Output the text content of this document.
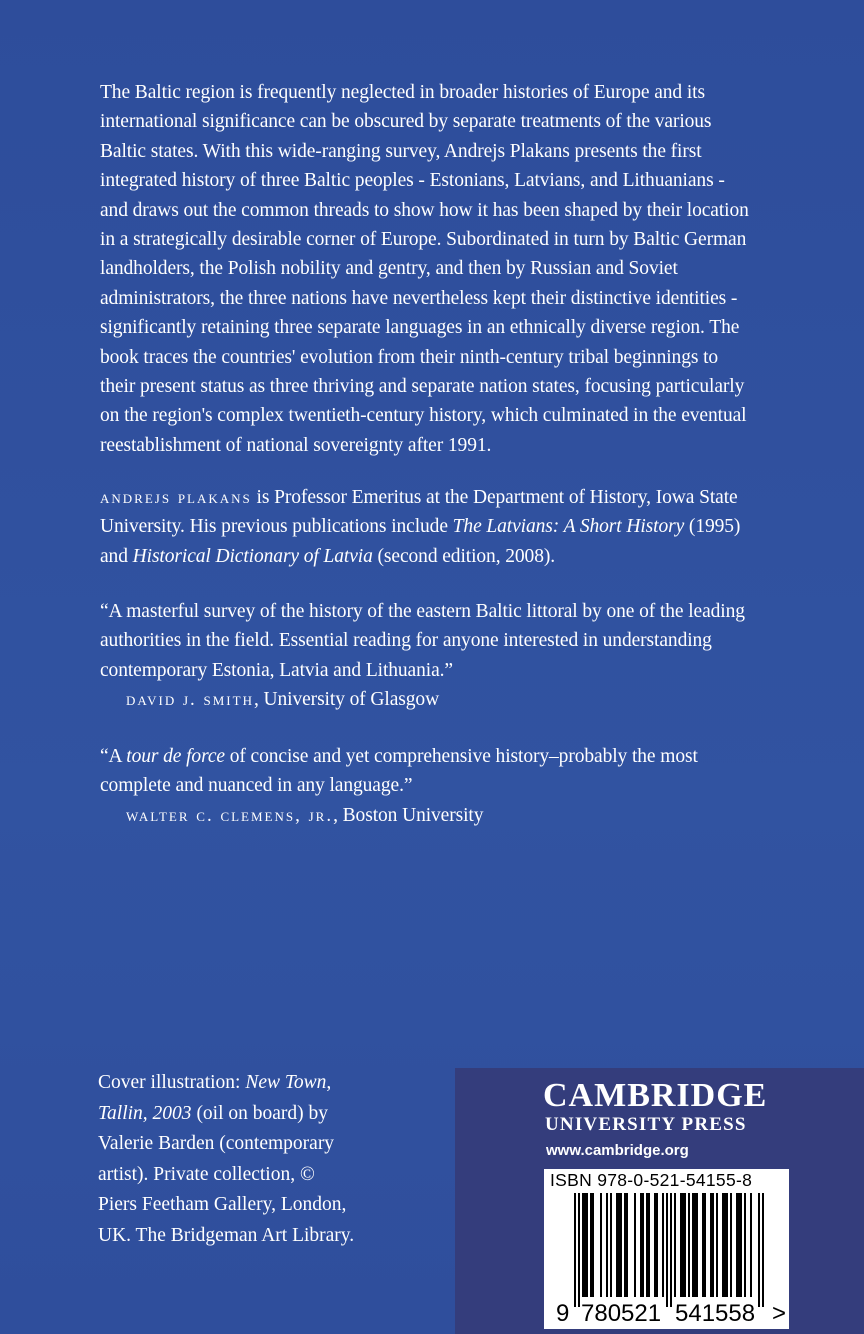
The Baltic region is frequently neglected in broader histories of Europe and its international significance can be obscured by separate treatments of the various Baltic states. With this wide-ranging survey, Andrejs Plakans presents the first integrated history of three Baltic peoples - Estonians, Latvians, and Lithuanians - and draws out the common threads to show how it has been shaped by their location in a strategically desirable corner of Europe. Subordinated in turn by Baltic German landholders, the Polish nobility and gentry, and then by Russian and Soviet administrators, the three nations have nevertheless kept their distinctive identities - significantly retaining three separate languages in an ethnically diverse region. The book traces the countries' evolution from their ninth-century tribal beginnings to their present status as three thriving and separate nation states, focusing particularly on the region's complex twentieth-century history, which culminated in the eventual reestablishment of national sovereignty after 1991.

andrejs plakans is Professor Emeritus at the Department of History, Iowa State University. His previous publications include The Latvians: A Short History (1995) and Historical Dictionary of Latvia (second edition, 2008).

“A masterful survey of the history of the eastern Baltic littoral by one of the leading authorities in the field. Essential reading for anyone interested in understanding contemporary Estonia, Latvia and Lithuania.”
david j. smith, University of Glasgow
“A tour de force of concise and yet comprehensive history–probably the most complete and nuanced in any language.”
walter c. clemens, jr., Boston University

Cover illustration: New Town, Tallin, 2003 (oil on board) by Valerie Barden (contemporary artist). Private collection, © Piers Feetham Gallery, London, UK. The Bridgeman Art Library.

CAMBRIDGE
UNIVERSITY PRESS
www.cambridge.org
ISBN 978-0-521-54155-8
9 780521 541558 >
